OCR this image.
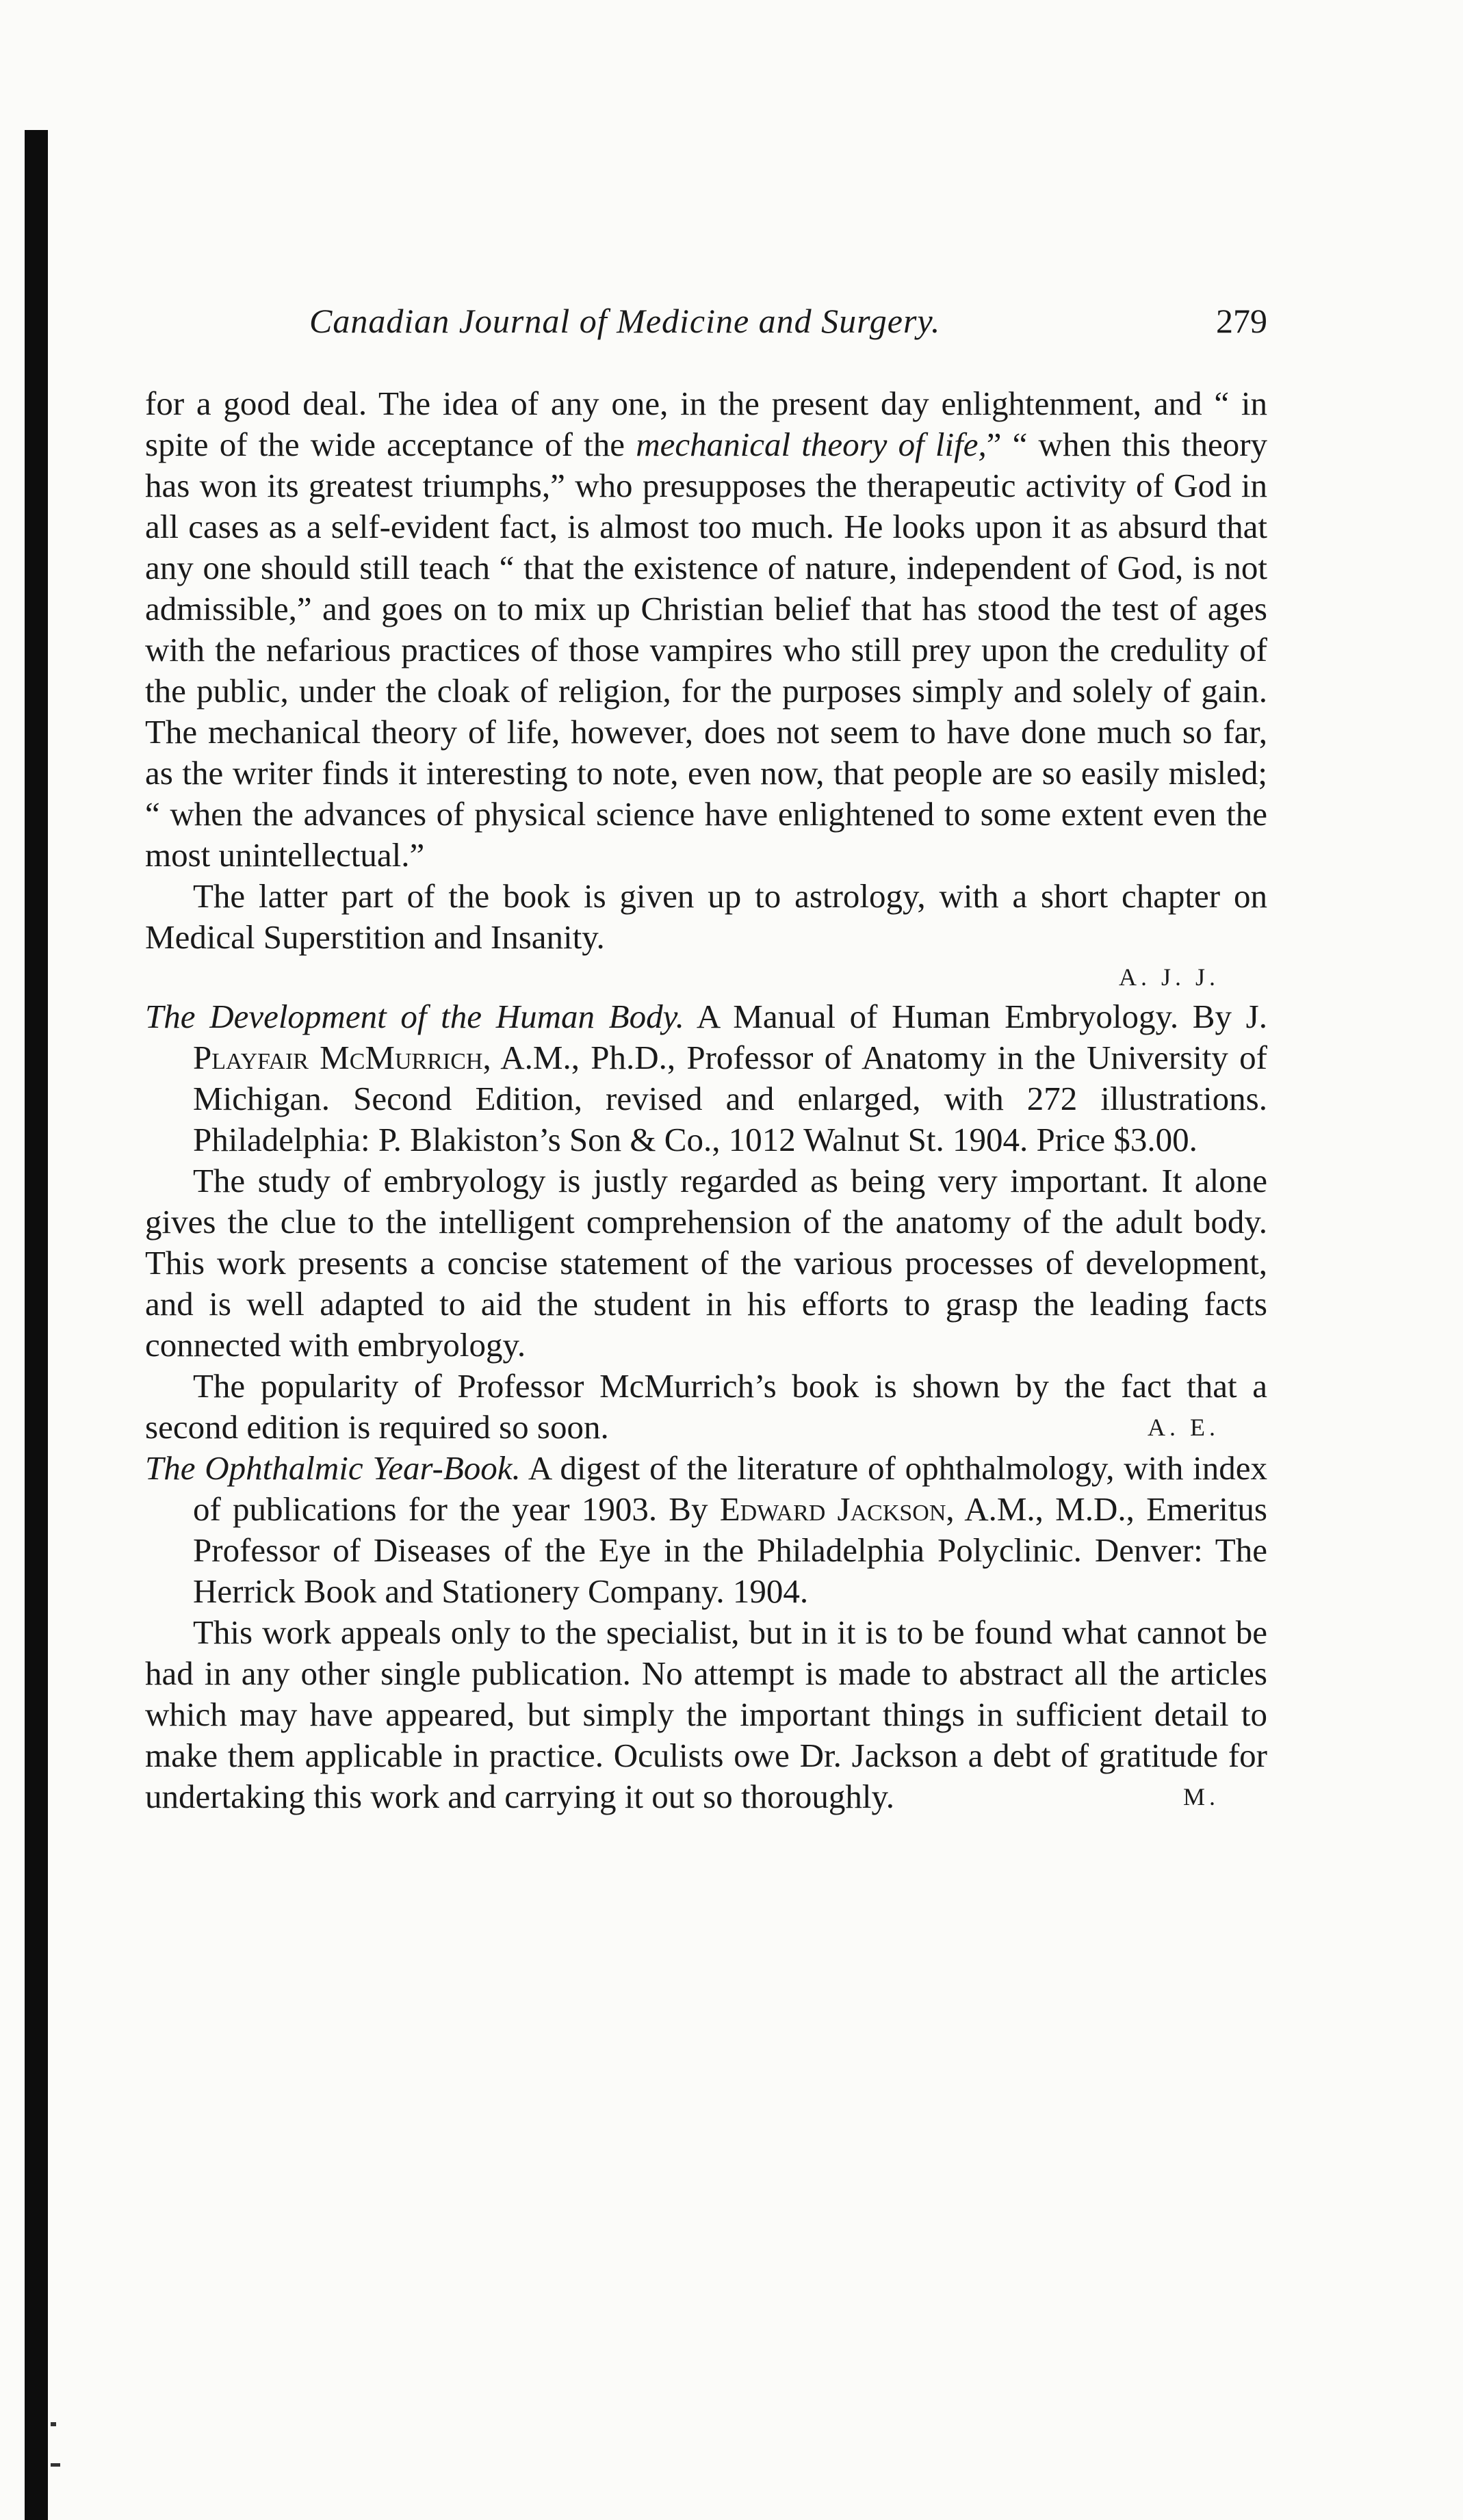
Canadian Journal of Medicine and Surgery.	279

for a good deal. The idea of any one, in the present day enlightenment, and “ in spite of the wide acceptance of the mechanical theory of life,” “ when this theory has won its greatest triumphs,” who presupposes the therapeutic activity of God in all cases as a self-evident fact, is almost too much. He looks upon it as absurd that any one should still teach “ that the existence of nature, independent of God, is not admissible,” and goes on to mix up Christian belief that has stood the test of ages with the nefarious practices of those vampires who still prey upon the credulity of the public, under the cloak of religion, for the purposes simply and solely of gain. The mechanical theory of life, however, does not seem to have done much so far, as the writer finds it interesting to note, even now, that people are so easily misled; “ when the advances of physical science have enlightened to some extent even the most unintellectual.”

The latter part of the book is given up to astrology, with a short chapter on Medical Superstition and Insanity.

A. J. J.

The Development of the Human Body. A Manual of Human Embryology. By J. Playfair McMurrich, A.M., Ph.D., Professor of Anatomy in the University of Michigan. Second Edition, revised and enlarged, with 272 illustrations. Philadelphia: P. Blakiston’s Son & Co., 1012 Walnut St. 1904. Price $3.00.

The study of embryology is justly regarded as being very important. It alone gives the clue to the intelligent comprehension of the anatomy of the adult body. This work presents a concise statement of the various processes of development, and is well adapted to aid the student in his efforts to grasp the leading facts connected with embryology.

The popularity of Professor McMurrich’s book is shown by the fact that a second edition is required so soon.	A. E.

The Ophthalmic Year-Book. A digest of the literature of ophthalmology, with index of publications for the year 1903. By Edward Jackson, A.M., M.D., Emeritus Professor of Diseases of the Eye in the Philadelphia Polyclinic. Denver: The Herrick Book and Stationery Company. 1904.

This work appeals only to the specialist, but in it is to be found what cannot be had in any other single publication. No attempt is made to abstract all the articles which may have appeared, but simply the important things in sufficient detail to make them applicable in practice. Oculists owe Dr. Jackson a debt of gratitude for undertaking this work and carrying it out so thoroughly.	M.
